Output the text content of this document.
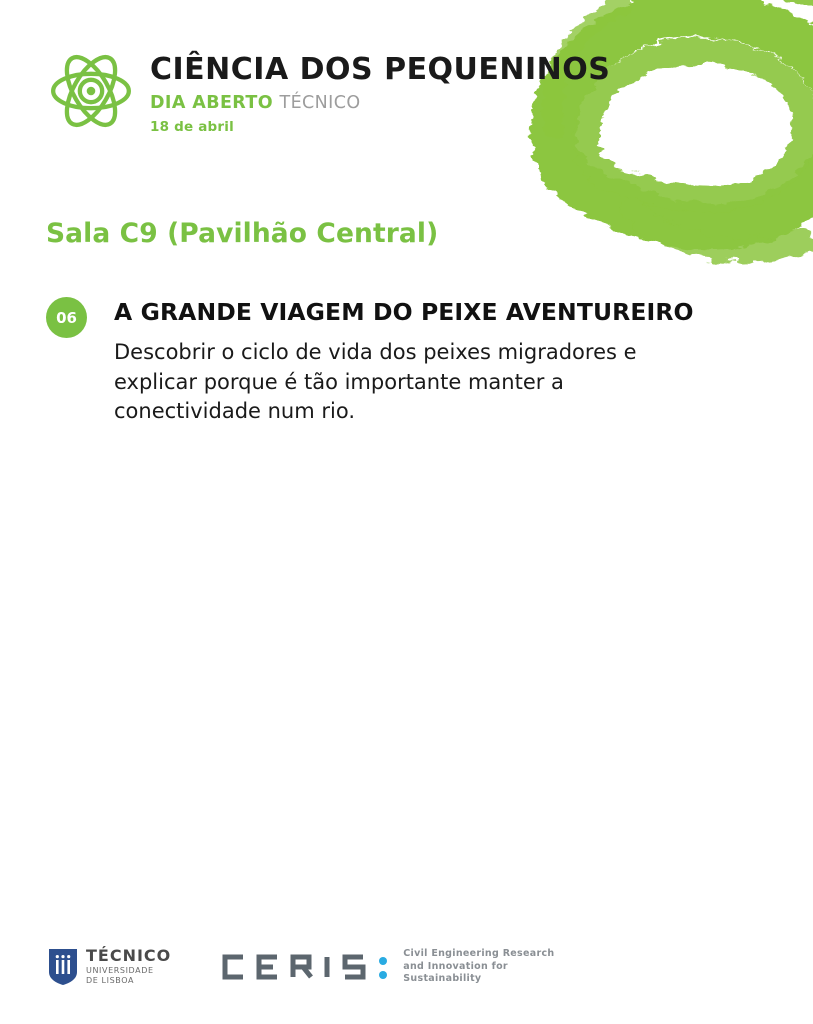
CIÊNCIA DOS PEQUENINOS
DIA ABERTO TÉCNICO
18 de abril
Sala C9 (Pavilhão Central)
06	A GRANDE VIAGEM DO PEIXE AVENTUREIRO
Descobrir o ciclo de vida dos peixes migradores e explicar porque é tão importante manter a conectividade num rio.
TÉCNICO
UNIVERSIDADE
DE LISBOA
Civil Engineering Research
and Innovation for
Sustainability
